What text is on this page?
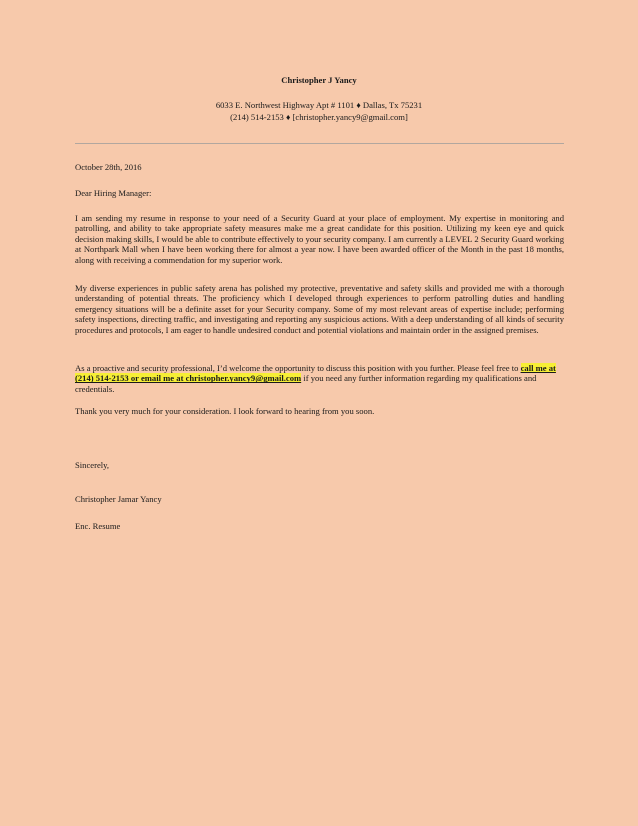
Christopher J Yancy
6033 E. Northwest Highway Apt # 1101 ♦ Dallas, Tx 75231
(214) 514-2153 ♦ [christopher.yancy9@gmail.com]
October 28th, 2016
Dear Hiring Manager:
I am sending my resume in response to your need of a Security Guard at your place of employment. My expertise in monitoring and patrolling, and ability to take appropriate safety measures make me a great candidate for this position. Utilizing my keen eye and quick decision making skills, I would be able to contribute effectively to your security company. I am currently a LEVEL 2 Security Guard working at Northpark Mall when I have been working there for almost a year now. I have been awarded officer of the Month in the past 18 months, along with receiving a commendation for my superior work.
My diverse experiences in public safety arena has polished my protective, preventative and safety skills and provided me with a thorough understanding of potential threats. The proficiency which I developed through experiences to perform patrolling duties and handling emergency situations will be a definite asset for your Security company. Some of my most relevant areas of expertise include; performing safety inspections, directing traffic, and investigating and reporting any suspicious actions. With a deep understanding of all kinds of security procedures and protocols, I am eager to handle undesired conduct and potential violations and maintain order in the assigned premises.
As a proactive and security professional, I’d welcome the opportunity to discuss this position with you further. Please feel free to call me at (214) 514-2153 or email me at christopher.yancy9@gmail.com if you need any further information regarding my qualifications and credentials.
Thank you very much for your consideration. I look forward to hearing from you soon.
Sincerely,
Christopher Jamar Yancy
Enc. Resume
